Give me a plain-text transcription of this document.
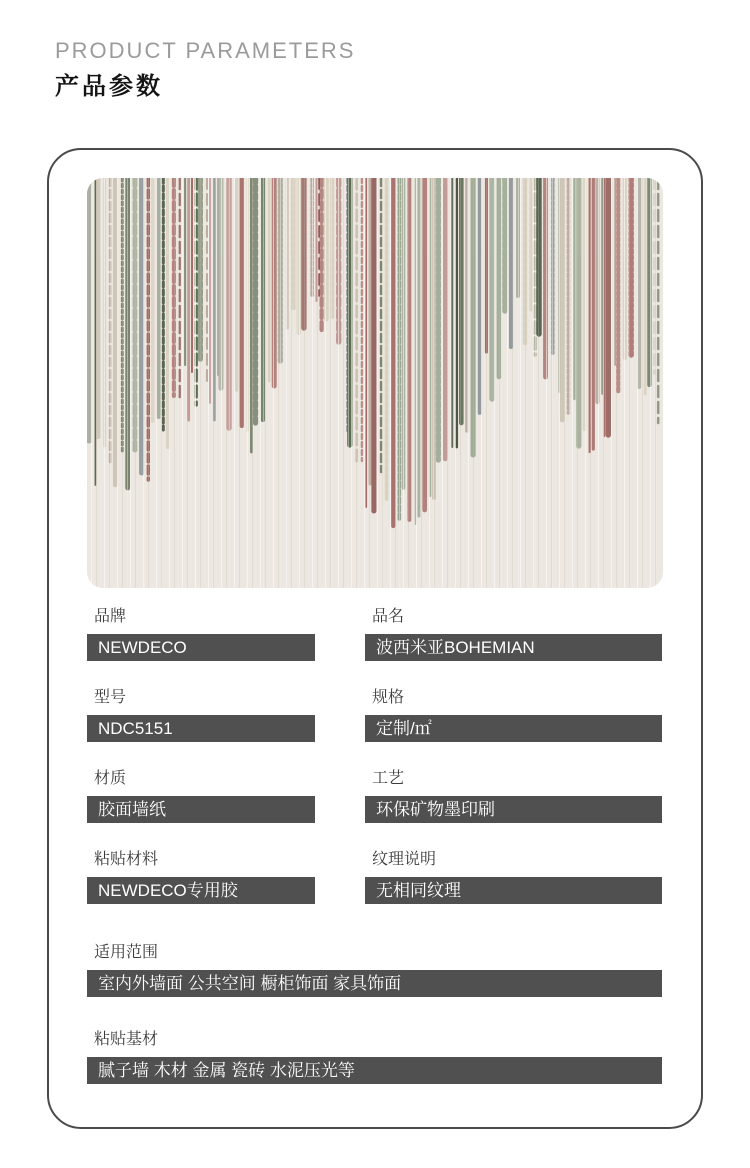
PRODUCT PARAMETERS
产品参数
品牌
NEWDECO
品名
波西米亚BOHEMIAN
型号
NDC5151
规格
定制/㎡
材质
胶面墙纸
工艺
环保矿物墨印刷
粘贴材料
NEWDECO专用胶
纹理说明
无相同纹理
适用范围
室内外墙面 公共空间 橱柜饰面 家具饰面
粘贴基材
腻子墙 木材 金属 瓷砖 水泥压光等
